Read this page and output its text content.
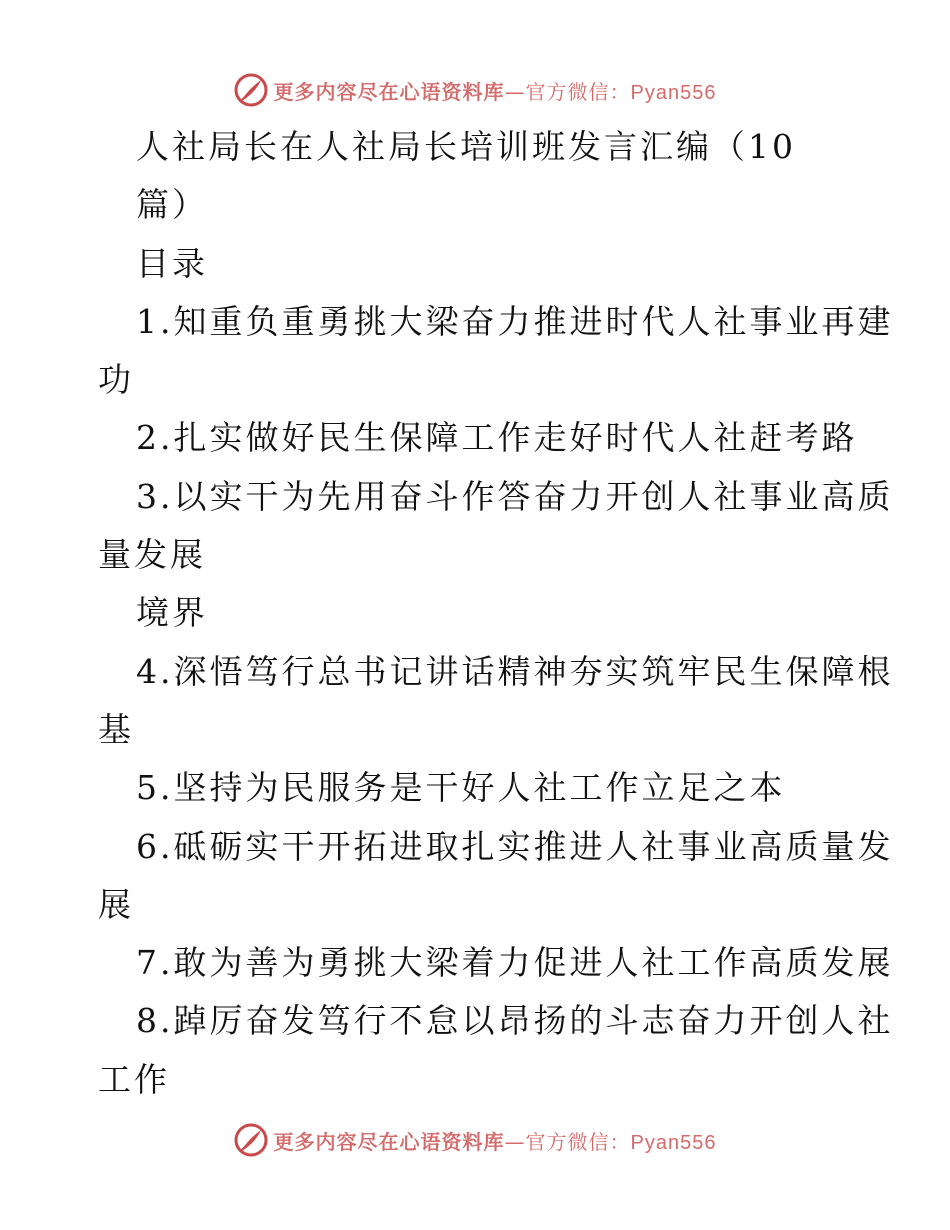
更多内容尽在心语资料库—官方微信：Pyan556
人社局长在人社局长培训班发言汇编（10
篇）
目录
1.知重负重勇挑大梁奋力推进时代人社事业再建
功
2.扎实做好民生保障工作走好时代人社赶考路
3.以实干为先用奋斗作答奋力开创人社事业高质
量发展
境界
4.深悟笃行总书记讲话精神夯实筑牢民生保障根
基
5.坚持为民服务是干好人社工作立足之本
6.砥砺实干开拓进取扎实推进人社事业高质量发
展
7.敢为善为勇挑大梁着力促进人社工作高质发展
8.踔厉奋发笃行不怠以昂扬的斗志奋力开创人社
工作
更多内容尽在心语资料库—官方微信：Pyan556
